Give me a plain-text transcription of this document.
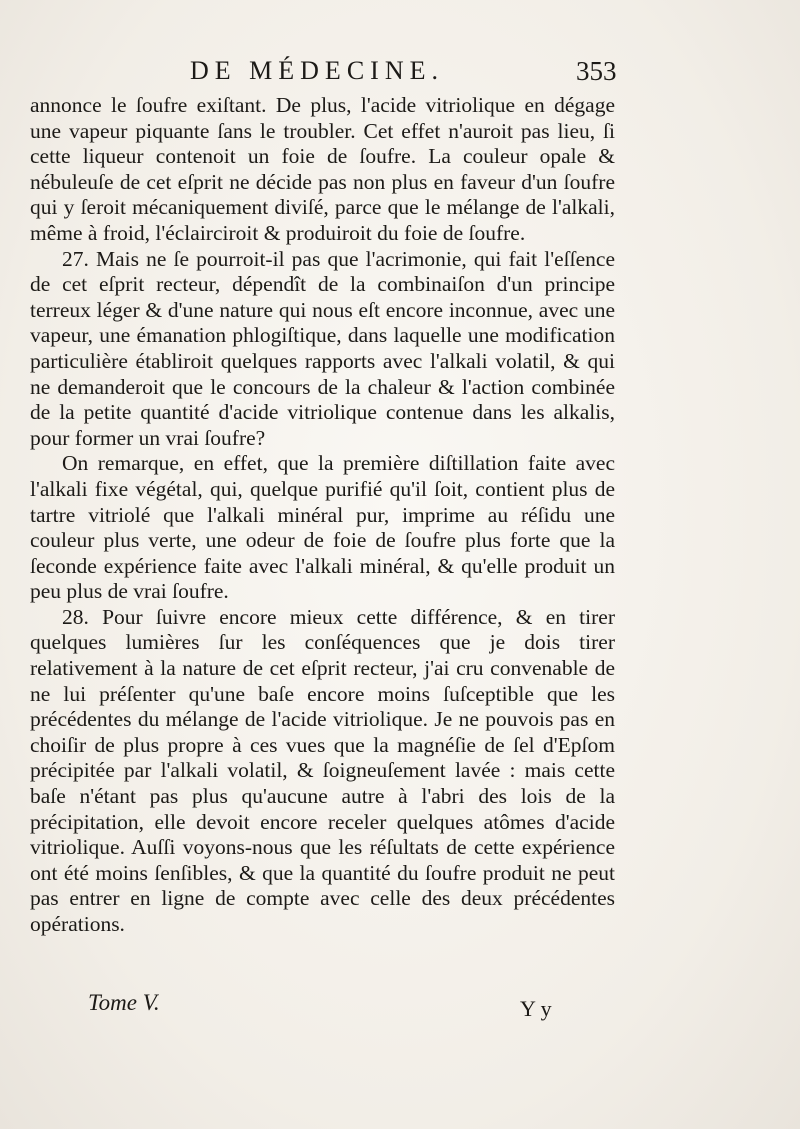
DE MÉDECINE.	353

annonce le ſoufre exiſtant. De plus, l'acide vitriolique en dégage une vapeur piquante ſans le troubler. Cet effet n'auroit pas lieu, ſi cette liqueur contenoit un foie de ſoufre. La couleur opale & nébuleuſe de cet eſprit ne décide pas non plus en faveur d'un ſoufre qui y ſeroit mécaniquement diviſé, parce que le mélange de l'alkali, même à froid, l'éclairciroit & produiroit du foie de ſoufre.

27. Mais ne ſe pourroit-il pas que l'acrimonie, qui fait l'eſſence de cet eſprit recteur, dépendît de la combinaiſon d'un principe terreux léger & d'une nature qui nous eſt encore inconnue, avec une vapeur, une émanation phlogiſtique, dans laquelle une modification particulière établiroit quelques rapports avec l'alkali volatil, & qui ne demanderoit que le concours de la chaleur & l'action combinée de la petite quantité d'acide vitriolique contenue dans les alkalis, pour former un vrai ſoufre?

On remarque, en effet, que la première diſtillation faite avec l'alkali fixe végétal, qui, quelque purifié qu'il ſoit, contient plus de tartre vitriolé que l'alkali minéral pur, imprime au réſidu une couleur plus verte, une odeur de foie de ſoufre plus forte que la ſeconde expérience faite avec l'alkali minéral, & qu'elle produit un peu plus de vrai ſoufre.

28. Pour ſuivre encore mieux cette différence, & en tirer quelques lumières ſur les conſéquences que je dois tirer relativement à la nature de cet eſprit recteur, j'ai cru convenable de ne lui préſenter qu'une baſe encore moins ſuſceptible que les précédentes du mélange de l'acide vitriolique. Je ne pouvois pas en choiſir de plus propre à ces vues que la magnéſie de ſel d'Epſom précipitée par l'alkali volatil, & ſoigneuſement lavée : mais cette baſe n'étant pas plus qu'aucune autre à l'abri des lois de la précipitation, elle devoit encore receler quelques atômes d'acide vitriolique. Auſſi voyons-nous que les réſultats de cette expérience ont été moins ſenſibles, & que la quantité du ſoufre produit ne peut pas entrer en ligne de compte avec celle des deux précédentes opérations.

Tome V.	Y y
